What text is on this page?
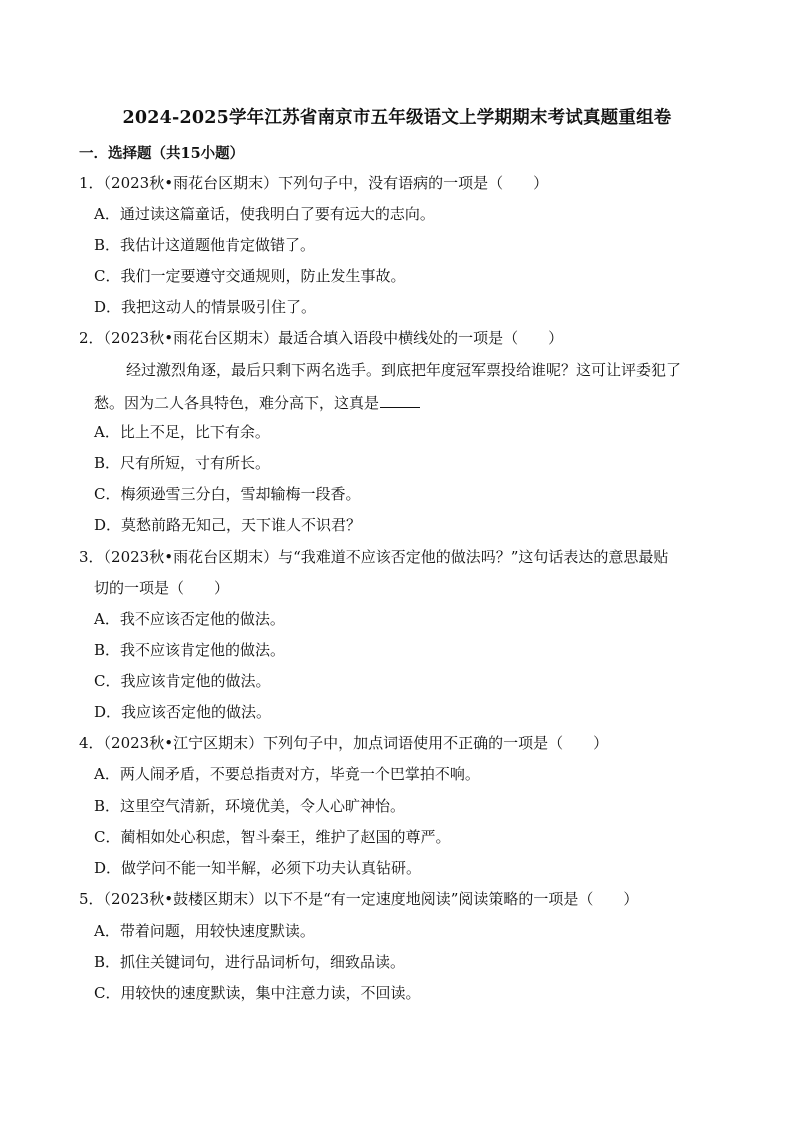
2024-2025学年江苏省南京市五年级语文上学期期末考试真题重组卷
一．选择题（共15小题）
1．（2023秋•雨花台区期末）下列句子中，没有语病的一项是（　　）
A．通过读这篇童话，使我明白了要有远大的志向。
B．我估计这道题他肯定做错了。
C．我们一定要遵守交通规则，防止发生事故。
D．我把这动人的情景吸引住了。
2．（2023秋•雨花台区期末）最适合填入语段中横线处的一项是（　　）
经过激烈角逐，最后只剩下两名选手。到底把年度冠军票投给谁呢？这可让评委犯了
愁。因为二人各具特色，难分高下，这真是
A．比上不足，比下有余。
B．尺有所短，寸有所长。
C．梅须逊雪三分白，雪却输梅一段香。
D．莫愁前路无知己，天下谁人不识君？
3．（2023秋•雨花台区期末）与“我难道不应该否定他的做法吗？”这句话表达的意思最贴
切的一项是（　　）
A．我不应该否定他的做法。
B．我不应该肯定他的做法。
C．我应该肯定他的做法。
D．我应该否定他的做法。
4．（2023秋•江宁区期末）下列句子中，加点词语使用不正确的一项是（　　）
A．两人闹矛盾，不要总指责对方，毕竟一个巴掌拍不响。
B．这里空气清新，环境优美，令人心旷神怡。
C．蔺相如处心积虑，智斗秦王，维护了赵国的尊严。
D．做学问不能一知半解，必须下功夫认真钻研。
5．（2023秋•鼓楼区期末）以下不是“有一定速度地阅读”阅读策略的一项是（　　）
A．带着问题，用较快速度默读。
B．抓住关键词句，进行品词析句，细致品读。
C．用较快的速度默读，集中注意力读，不回读。
